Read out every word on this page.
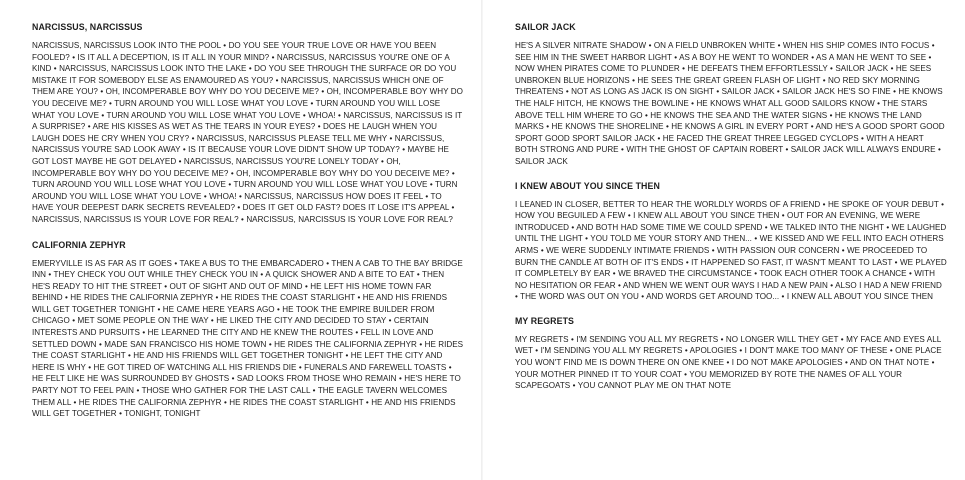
NARCISSUS, NARCISSUS
NARCISSUS, NARCISSUS LOOK INTO THE POOL • DO YOU SEE YOUR TRUE LOVE OR HAVE YOU BEEN FOOLED? • IS IT ALL A DECEPTION, IS IT ALL IN YOUR MIND? • NARCISSUS, NARCISSUS YOU'RE ONE OF A KIND • NARCISSUS, NARCISSUS LOOK INTO THE LAKE • DO YOU SEE THROUGH THE SURFACE OR DO YOU MISTAKE IT FOR SOMEBODY ELSE AS ENAMOURED AS YOU? • NARCISSUS, NARCISSUS WHICH ONE OF THEM ARE YOU? • OH, INCOMPERABLE BOY WHY DO YOU DECEIVE ME? • OH, INCOMPERABLE BOY WHY DO YOU DECEIVE ME? • TURN AROUND YOU WILL LOSE WHAT YOU LOVE • TURN AROUND YOU WILL LOSE WHAT YOU LOVE • TURN AROUND YOU WILL LOSE WHAT YOU LOVE • WHOA! • NARCISSUS, NARCISSUS IS IT A SURPRISE? • ARE HIS KISSES AS WET AS THE TEARS IN YOUR EYES? • DOES HE LAUGH WHEN YOU LAUGH DOES HE CRY WHEN YOU CRY? • NARCISSUS, NARCISSUS PLEASE TELL ME WHY • NARCISSUS, NARCISSUS YOU'RE SAD LOOK AWAY • IS IT BECAUSE YOUR LOVE DIDN'T SHOW UP TODAY? • MAYBE HE GOT LOST MAYBE HE GOT DELAYED • NARCISSUS, NARCISSUS YOU'RE LONELY TODAY • OH, INCOMPERABLE BOY WHY DO YOU DECEIVE ME? • OH, INCOMPERABLE BOY WHY DO YOU DECEIVE ME? • TURN AROUND YOU WILL LOSE WHAT YOU LOVE • TURN AROUND YOU WILL LOSE WHAT YOU LOVE • TURN AROUND YOU WILL LOSE WHAT YOU LOVE • WHOA! • NARCISSUS, NARCISSUS HOW DOES IT FEEL • TO HAVE YOUR DEEPEST DARK SECRETS REVEALED? • DOES IT GET OLD FAST? DOES IT LOSE IT'S APPEAL • NARCISSUS, NARCISSUS IS YOUR LOVE FOR REAL? • NARCISSUS, NARCISSUS IS YOUR LOVE FOR REAL?
CALIFORNIA ZEPHYR
EMERYVILLE IS AS FAR AS IT GOES • TAKE A BUS TO THE EMBARCADERO • THEN A CAB TO THE BAY BRIDGE INN • THEY CHECK YOU OUT WHILE THEY CHECK YOU IN • A QUICK SHOWER AND A BITE TO EAT • THEN HE'S READY TO HIT THE STREET • OUT OF SIGHT AND OUT OF MIND • HE LEFT HIS HOME TOWN FAR BEHIND • HE RIDES THE CALIFORNIA ZEPHYR • HE RIDES THE COAST STARLIGHT • HE AND HIS FRIENDS WILL GET TOGETHER TONIGHT • HE CAME HERE YEARS AGO • HE TOOK THE EMPIRE BUILDER FROM CHICAGO • MET SOME PEOPLE ON THE WAY • HE LIKED THE CITY AND DECIDED TO STAY • CERTAIN INTERESTS AND PURSUITS • HE LEARNED THE CITY AND HE KNEW THE ROUTES • FELL IN LOVE AND SETTLED DOWN • MADE SAN FRANCISCO HIS HOME TOWN • HE RIDES THE CALIFORNIA ZEPHYR • HE RIDES THE COAST STARLIGHT • HE AND HIS FRIENDS WILL GET TOGETHER TONIGHT • HE LEFT THE CITY AND HERE IS WHY • HE GOT TIRED OF WATCHING ALL HIS FRIENDS DIE • FUNERALS AND FAREWELL TOASTS • HE FELT LIKE HE WAS SURROUNDED BY GHOSTS • SAD LOOKS FROM THOSE WHO REMAIN • HE'S HERE TO PARTY NOT TO FEEL PAIN • THOSE WHO GATHER FOR THE LAST CALL • THE EAGLE TAVERN WELCOMES THEM ALL • HE RIDES THE CALIFORNIA ZEPHYR • HE RIDES THE COAST STARLIGHT • HE AND HIS FRIENDS WILL GET TOGETHER • TONIGHT, TONIGHT
SAILOR JACK
HE'S A SILVER NITRATE SHADOW • ON A FIELD UNBROKEN WHITE • WHEN HIS SHIP COMES INTO FOCUS • SEE HIM IN THE SWEET HARBOR LIGHT • AS A BOY HE WENT TO WONDER • AS A MAN HE WENT TO SEE • NOW WHEN PIRATES COME TO PLUNDER • HE DEFEATS THEM EFFORTLESSLY • SAILOR JACK • HE SEES UNBROKEN BLUE HORIZONS • HE SEES THE GREAT GREEN FLASH OF LIGHT • NO RED SKY MORNING THREATENS • NOT AS LONG AS JACK IS ON SIGHT • SAILOR JACK • SAILOR JACK HE'S SO FINE • HE KNOWS THE HALF HITCH, HE KNOWS THE BOWLINE • HE KNOWS WHAT ALL GOOD SAILORS KNOW • THE STARS ABOVE TELL HIM WHERE TO GO • HE KNOWS THE SEA AND THE WATER SIGNS • HE KNOWS THE LAND MARKS • HE KNOWS THE SHORELINE • HE KNOWS A GIRL IN EVERY PORT • AND HE'S A GOOD SPORT GOOD SPORT GOOD SPORT SAILOR JACK • HE FACED THE GREAT THREE LEGGED CYCLOPS • WITH A HEART BOTH STRONG AND PURE • WITH THE GHOST OF CAPTAIN ROBERT • SAILOR JACK WILL ALWAYS ENDURE • SAILOR JACK
I KNEW ABOUT YOU SINCE THEN
I LEANED IN CLOSER, BETTER TO HEAR THE WORLDLY WORDS OF A FRIEND • HE SPOKE OF YOUR DEBUT • HOW YOU BEGUILED A FEW • I KNEW ALL ABOUT YOU SINCE THEN • OUT FOR AN EVENING, WE WERE INTRODUCED • AND BOTH HAD SOME TIME WE COULD SPEND • WE TALKED INTO THE NIGHT • WE LAUGHED UNTIL THE LIGHT • YOU TOLD ME YOUR STORY AND THEN... • WE KISSED AND WE FELL INTO EACH OTHERS ARMS • WE WERE SUDDENLY INTIMATE FRIENDS • WITH PASSION OUR CONCERN • WE PROCEEDED TO BURN THE CANDLE AT BOTH OF IT'S ENDS • IT HAPPENED SO FAST, IT WASN'T MEANT TO LAST • WE PLAYED IT COMPLETELY BY EAR • WE BRAVED THE CIRCUMSTANCE • TOOK EACH OTHER TOOK A CHANCE • WITH NO HESITATION OR FEAR • AND WHEN WE WENT OUR WAYS I HAD A NEW PAIN • ALSO I HAD A NEW FRIEND • THE WORD WAS OUT ON YOU • AND WORDS GET AROUND TOO... • I KNEW ALL ABOUT YOU SINCE THEN
MY REGRETS
MY REGRETS • I'M SENDING YOU ALL MY REGRETS • NO LONGER WILL THEY GET • MY FACE AND EYES ALL WET • I'M SENDING YOU ALL MY REGRETS • APOLOGIES • I DON'T MAKE TOO MANY OF THESE • ONE PLACE YOU WON'T FIND ME IS DOWN THERE ON ONE KNEE • I DO NOT MAKE APOLOGIES • AND ON THAT NOTE • YOUR MOTHER PINNED IT TO YOUR COAT • YOU MEMORIZED BY ROTE THE NAMES OF ALL YOUR SCAPEGOATS • YOU CANNOT PLAY ME ON THAT NOTE
